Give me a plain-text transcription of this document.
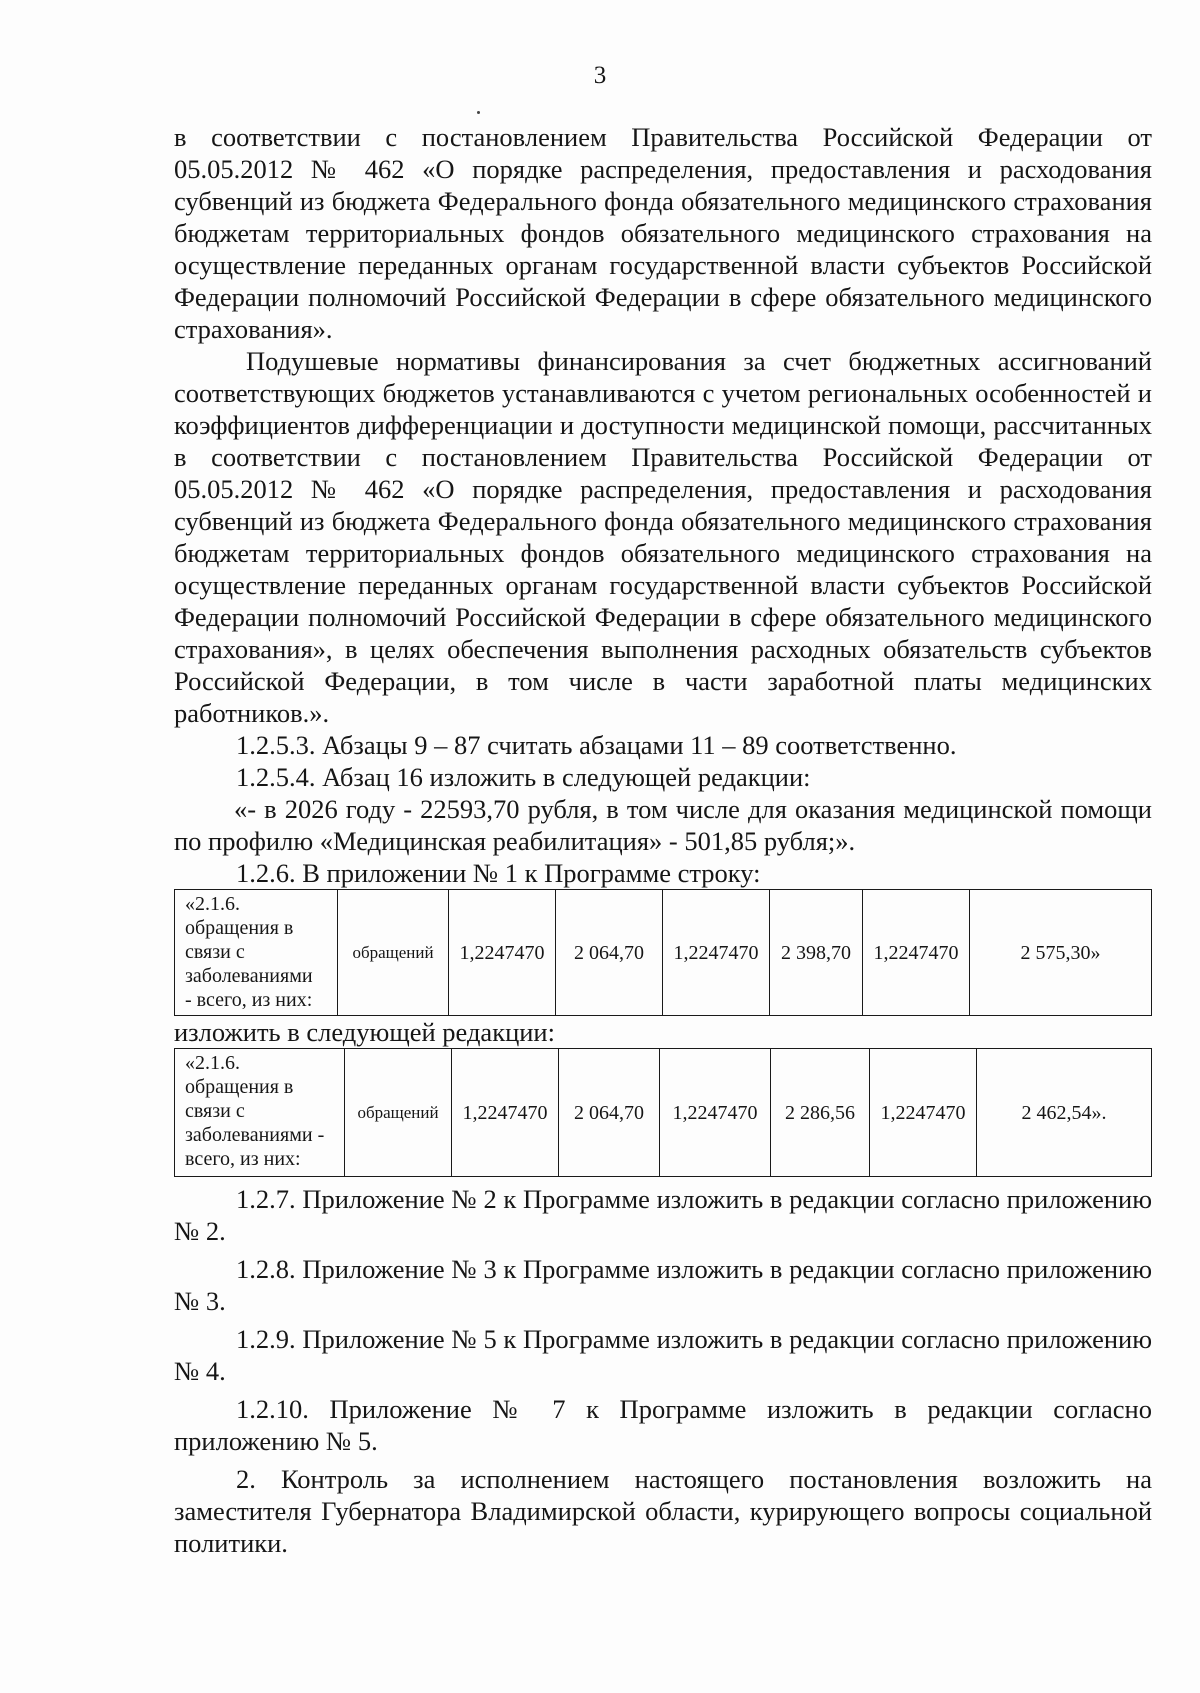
3

в соответствии с постановлением Правительства Российской Федерации от 05.05.2012 № 462 «О порядке распределения, предоставления и расходования субвенций из бюджета Федерального фонда обязательного медицинского страхования бюджетам территориальных фондов обязательного медицинского страхования на осуществление переданных органам государственной власти субъектов Российской Федерации полномочий Российской Федерации в сфере обязательного медицинского страхования».

Подушевые нормативы финансирования за счет бюджетных ассигнований соответствующих бюджетов устанавливаются с учетом региональных особенностей и коэффициентов дифференциации и доступности медицинской помощи, рассчитанных в соответствии с постановлением Правительства Российской Федерации от 05.05.2012 № 462 «О порядке распределения, предоставления и расходования субвенций из бюджета Федерального фонда обязательного медицинского страхования бюджетам территориальных фондов обязательного медицинского страхования на осуществление переданных органам государственной власти субъектов Российской Федерации полномочий Российской Федерации в сфере обязательного медицинского страхования», в целях обеспечения выполнения расходных обязательств субъектов Российской Федерации, в том числе в части заработной платы медицинских работников.».

1.2.5.3. Абзацы 9 – 87 считать абзацами 11 – 89 соответственно.

1.2.5.4. Абзац 16 изложить в следующей редакции:

«- в 2026 году - 22593,70 рубля, в том числе для оказания медицинской помощи по профилю «Медицинская реабилитация» - 501,85 рубля;».

1.2.6. В приложении № 1 к Программе строку:

«2.1.6.
обращения в
связи с
заболеваниями
- всего, из них:
	обращений	1,2247470	2 064,70	1,2247470	2 398,70	1,2247470	2 575,30»

изложить в следующей редакции:

«2.1.6.
обращения в
связи с
заболеваниями -
всего, из них:
	обращений	1,2247470	2 064,70	1,2247470	2 286,56	1,2247470	2 462,54».

1.2.7. Приложение № 2 к Программе изложить в редакции согласно приложению № 2.

1.2.8. Приложение № 3 к Программе изложить в редакции согласно приложению № 3.

1.2.9. Приложение № 5 к Программе изложить в редакции согласно приложению № 4.

1.2.10. Приложение № 7 к Программе изложить в редакции согласно приложению № 5.

2. Контроль за исполнением настоящего постановления возложить на заместителя Губернатора Владимирской области, курирующего вопросы социальной политики.
